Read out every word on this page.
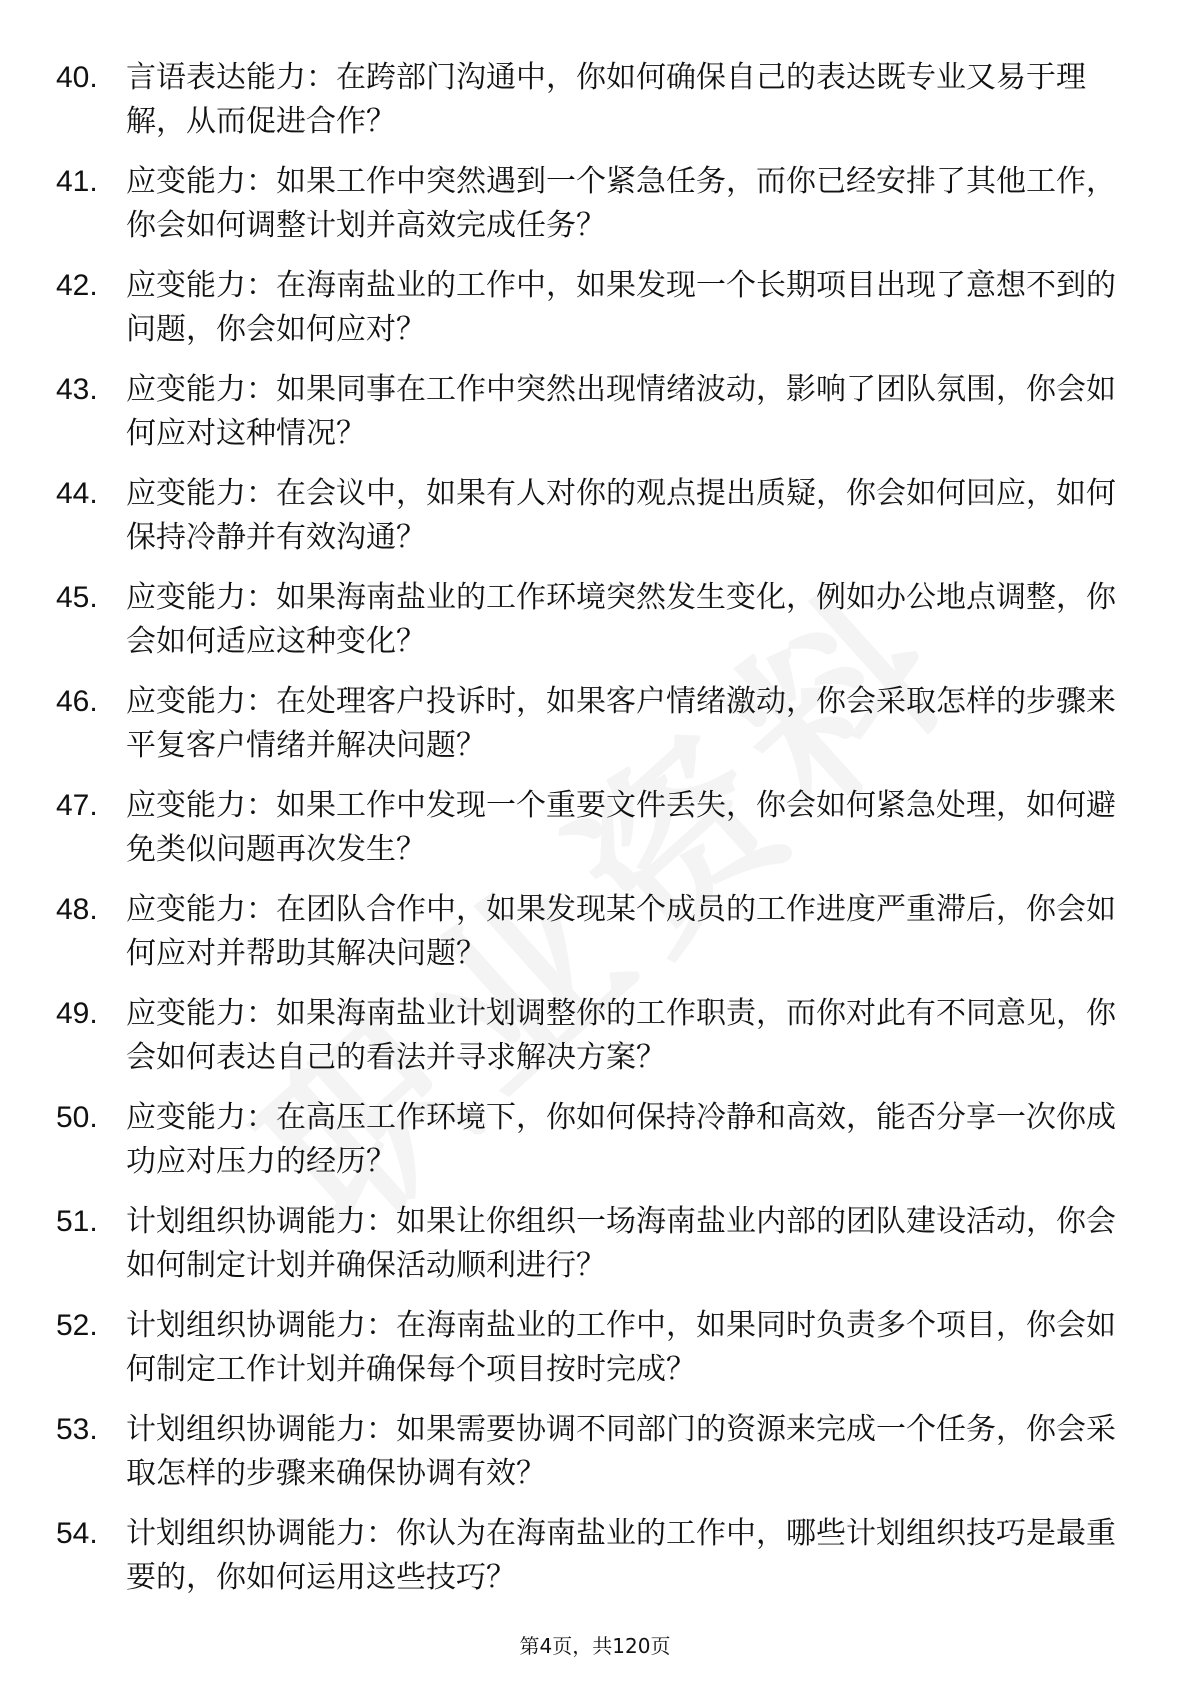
40. 言语表达能力：在跨部门沟通中，你如何确保自己的表达既专业又易于理解，从而促进合作？
41. 应变能力：如果工作中突然遇到一个紧急任务，而你已经安排了其他工作，你会如何调整计划并高效完成任务？
42. 应变能力：在海南盐业的工作中，如果发现一个长期项目出现了意想不到的问题，你会如何应对？
43. 应变能力：如果同事在工作中突然出现情绪波动，影响了团队氛围，你会如何应对这种情况？
44. 应变能力：在会议中，如果有人对你的观点提出质疑，你会如何回应，如何保持冷静并有效沟通？
45. 应变能力：如果海南盐业的工作环境突然发生变化，例如办公地点调整，你会如何适应这种变化？
46. 应变能力：在处理客户投诉时，如果客户情绪激动，你会采取怎样的步骤来平复客户情绪并解决问题？
47. 应变能力：如果工作中发现一个重要文件丢失，你会如何紧急处理，如何避免类似问题再次发生？
48. 应变能力：在团队合作中，如果发现某个成员的工作进度严重滞后，你会如何应对并帮助其解决问题？
49. 应变能力：如果海南盐业计划调整你的工作职责，而你对此有不同意见，你会如何表达自己的看法并寻求解决方案？
50. 应变能力：在高压工作环境下，你如何保持冷静和高效，能否分享一次你成功应对压力的经历？
51. 计划组织协调能力：如果让你组织一场海南盐业内部的团队建设活动，你会如何制定计划并确保活动顺利进行？
52. 计划组织协调能力：在海南盐业的工作中，如果同时负责多个项目，你会如何制定工作计划并确保每个项目按时完成？
53. 计划组织协调能力：如果需要协调不同部门的资源来完成一个任务，你会采取怎样的步骤来确保协调有效？
54. 计划组织协调能力：你认为在海南盐业的工作中，哪些计划组织技巧是最重要的，你如何运用这些技巧？
第4页，共120页
